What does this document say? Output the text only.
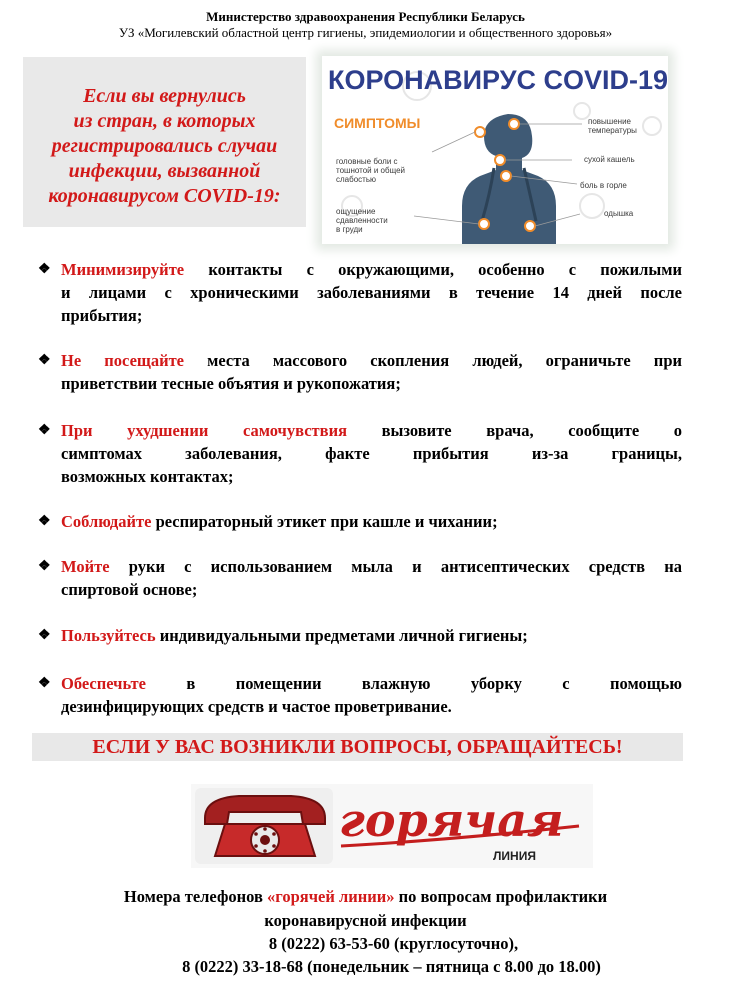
Министерство здравоохранения Республики Беларусь
УЗ «Могилевский областной центр гигиены, эпидемиологии и общественного здоровья»
Если вы вернулись
из стран, в которых
регистрировались случаи
инфекции, вызванной
коронавирусом COVID-19:
КОРОНАВИРУС COVID-19
СИМПТОМЫ
головные боли с
тошнотой и общей
слабостью
ощущение
сдавленности
в груди
повышение
температуры
сухой кашель
боль в горле
одышка
❖ Минимизируйте контакты с окружающими, особенно с пожилыми
и лицами с хроническими заболеваниями в течение 14 дней после
прибытия;
❖ Не посещайте места массового скопления людей, ограничьте при
приветствии тесные объятия и рукопожатия;
❖ При ухудшении самочувствия вызовите врача, сообщите о
симптомах заболевания, факте прибытия из-за границы,
возможных контактах;
❖ Соблюдайте респираторный этикет при кашле и чихании;
❖ Мойте руки с использованием мыла и антисептических средств на
спиртовой основе;
❖ Пользуйтесь индивидуальными предметами личной гигиены;
❖ Обеспечьте в помещении влажную уборку с помощью
дезинфицирующих средств и частое проветривание.
ЕСЛИ У ВАС ВОЗНИКЛИ ВОПРОСЫ, ОБРАЩАЙТЕСЬ!
горячая
ЛИНИЯ
Номера телефонов «горячей линии» по вопросам профилактики
коронавирусной инфекции
8 (0222) 63-53-60 (круглосуточно),
8 (0222) 33-18-68 (понедельник – пятница с 8.00 до 18.00)
